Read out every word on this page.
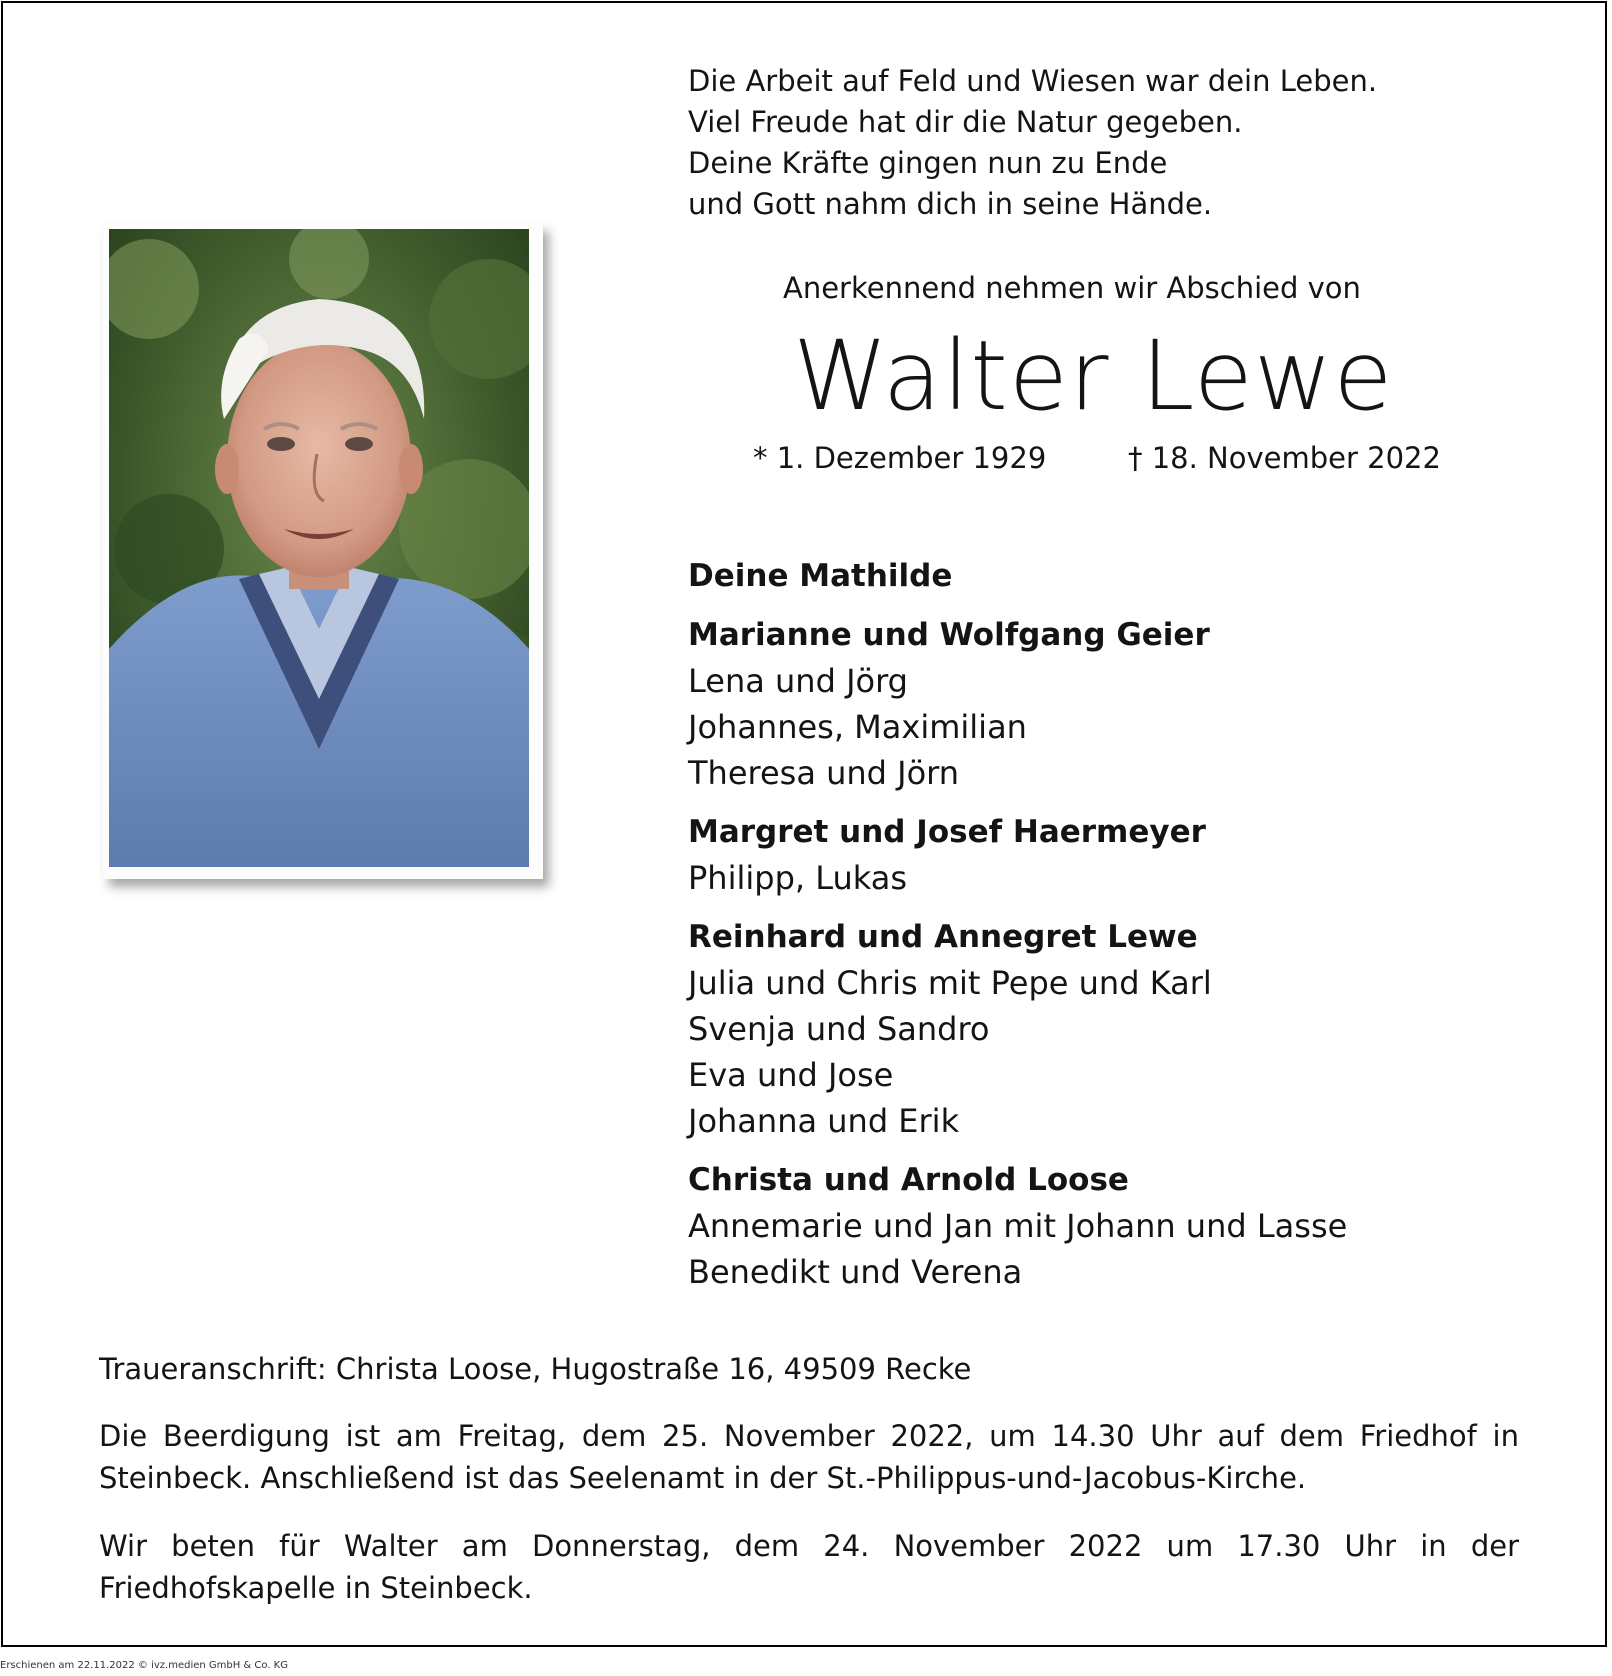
Die Arbeit auf Feld und Wiesen war dein Leben.
Viel Freude hat dir die Natur gegeben.
Deine Kräfte gingen nun zu Ende
und Gott nahm dich in seine Hände.
Anerkennend nehmen wir Abschied von
Walter Lewe
* 1. Dezember 1929	† 18. November 2022
Deine Mathilde
Marianne und Wolfgang Geier
Lena und Jörg
Johannes, Maximilian
Theresa und Jörn
Margret und Josef Haermeyer
Philipp, Lukas
Reinhard und Annegret Lewe
Julia und Chris mit Pepe und Karl
Svenja und Sandro
Eva und Jose
Johanna und Erik
Christa und Arnold Loose
Annemarie und Jan mit Johann und Lasse
Benedikt und Verena
Traueranschrift: Christa Loose, Hugostraße 16, 49509 Recke
Die Beerdigung ist am Freitag, dem 25. November 2022, um 14.30 Uhr auf dem Friedhof in Steinbeck. Anschließend ist das Seelenamt in der St.-Philippus-und-Jacobus-Kirche.
Wir beten für Walter am Donnerstag, dem 24. November 2022 um 17.30 Uhr in der Friedhofskapelle in Steinbeck.
Erschienen am 22.11.2022 © ivz.medien GmbH & Co. KG
